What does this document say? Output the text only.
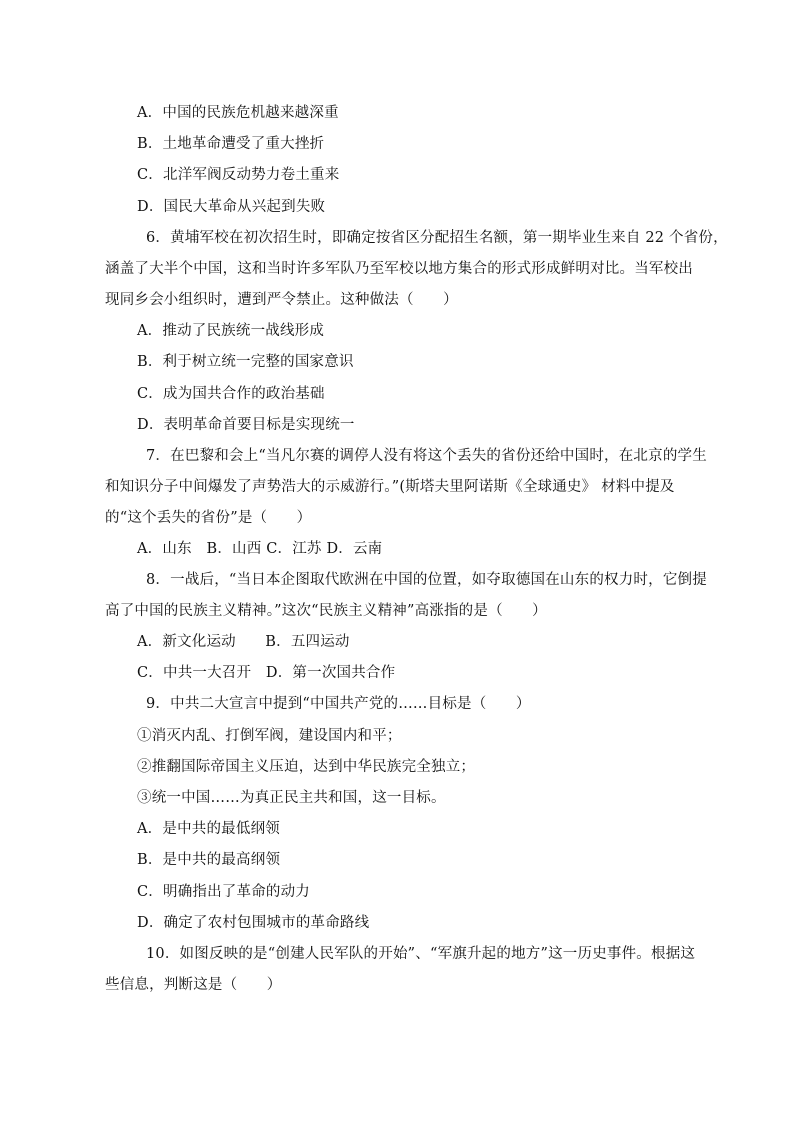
A．中国的民族危机越来越深重
B．土地革命遭受了重大挫折
C．北洋军阀反动势力卷土重来
D．国民大革命从兴起到失败
6．黄埔军校在初次招生时，即确定按省区分配招生名额，第一期毕业生来自 22 个省份，
涵盖了大半个中国，这和当时许多军队乃至军校以地方集合的形式形成鲜明对比。当军校出
现同乡会小组织时，遭到严令禁止。这种做法（　　）
A．推动了民族统一战线形成
B．利于树立统一完整的国家意识
C．成为国共合作的政治基础
D．表明革命首要目标是实现统一
7．在巴黎和会上“当凡尔赛的调停人没有将这个丢失的省份还给中国时，在北京的学生
和知识分子中间爆发了声势浩大的示威游行。”(斯塔夫里阿诺斯《全球通史》 材料中提及
的“这个丢失的省份”是（　　）
A．山东　B．山西 C．江苏 D．云南
8．一战后，“当日本企图取代欧洲在中国的位置，如夺取德国在山东的权力时，它倒提
高了中国的民族主义精神。”这次“民族主义精神”高涨指的是（　　）
A．新文化运动　　B．五四运动
C．中共一大召开　D．第一次国共合作
9．中共二大宣言中提到“中国共产党的……目标是（　　）
①消灭内乱、打倒军阀，建设国内和平；
②推翻国际帝国主义压迫，达到中华民族完全独立；
③统一中国……为真正民主共和国，这一目标。
A．是中共的最低纲领
B．是中共的最高纲领
C．明确指出了革命的动力
D．确定了农村包围城市的革命路线
10．如图反映的是“创建人民军队的开始”、“军旗升起的地方”这一历史事件。根据这
些信息，判断这是（　　）
